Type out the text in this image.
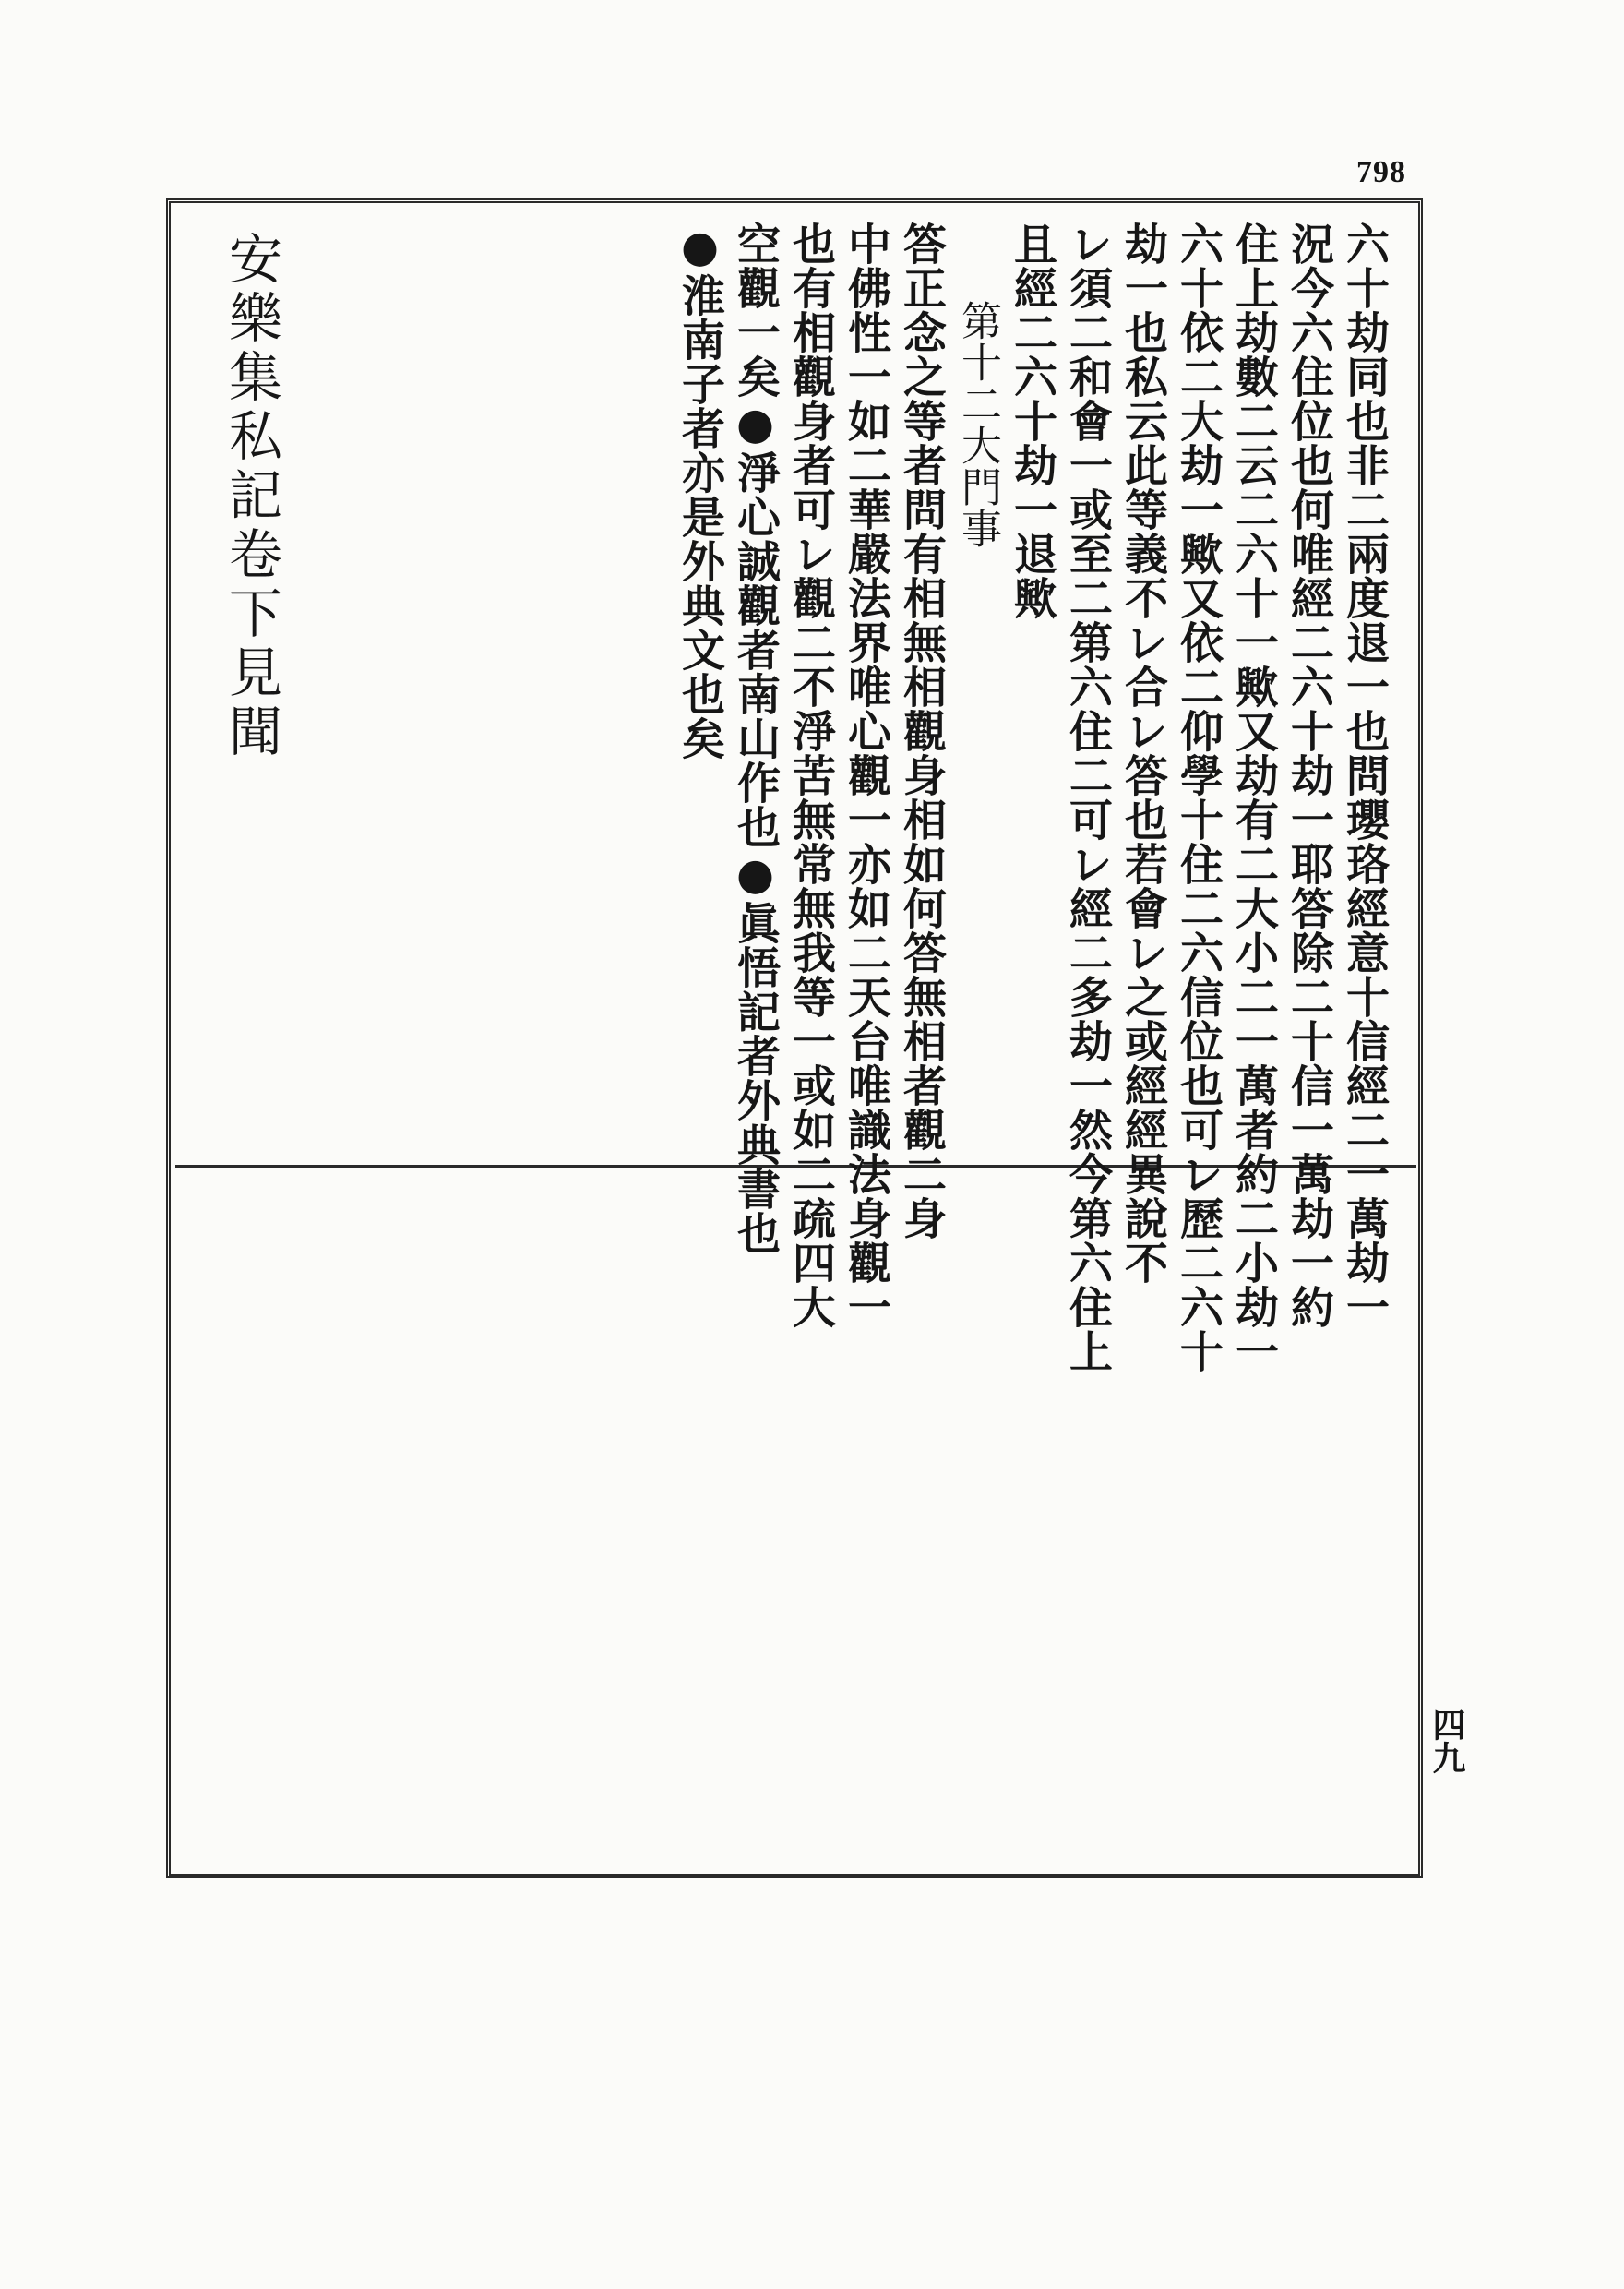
798
六十劫同也非二兩度退一也問瓔珞經意十信經二一萬劫一
況今六住位也何唯經二六十劫一耶答除二十信一萬劫一約
住上劫數二云二六十一歟又劫有二大小二一萬者約二小劫一
六十依二大劫一歟又依二仰學十住二六信位也可レ歷二六十
劫一也私云此等義不レ合レ答也若會レ之或經經異說不
レ須二和會一或至二第六住二可レ經二多劫一然今第六住上
且經二六十劫一退歟
第十二大門事
答正念之等者問有相無相觀身相如何答無相者觀二身
中佛性一如二華嚴法界唯心觀一亦如二天台唯識法身觀一
也有相觀身者可レ觀二不淨苦無常無我等一或如二疏四大
空觀一矣●淨心誠觀者南山作也●眞悟記者外典書也
●淮南子者亦是外典文也矣
安樂集私記卷下見聞
四九
